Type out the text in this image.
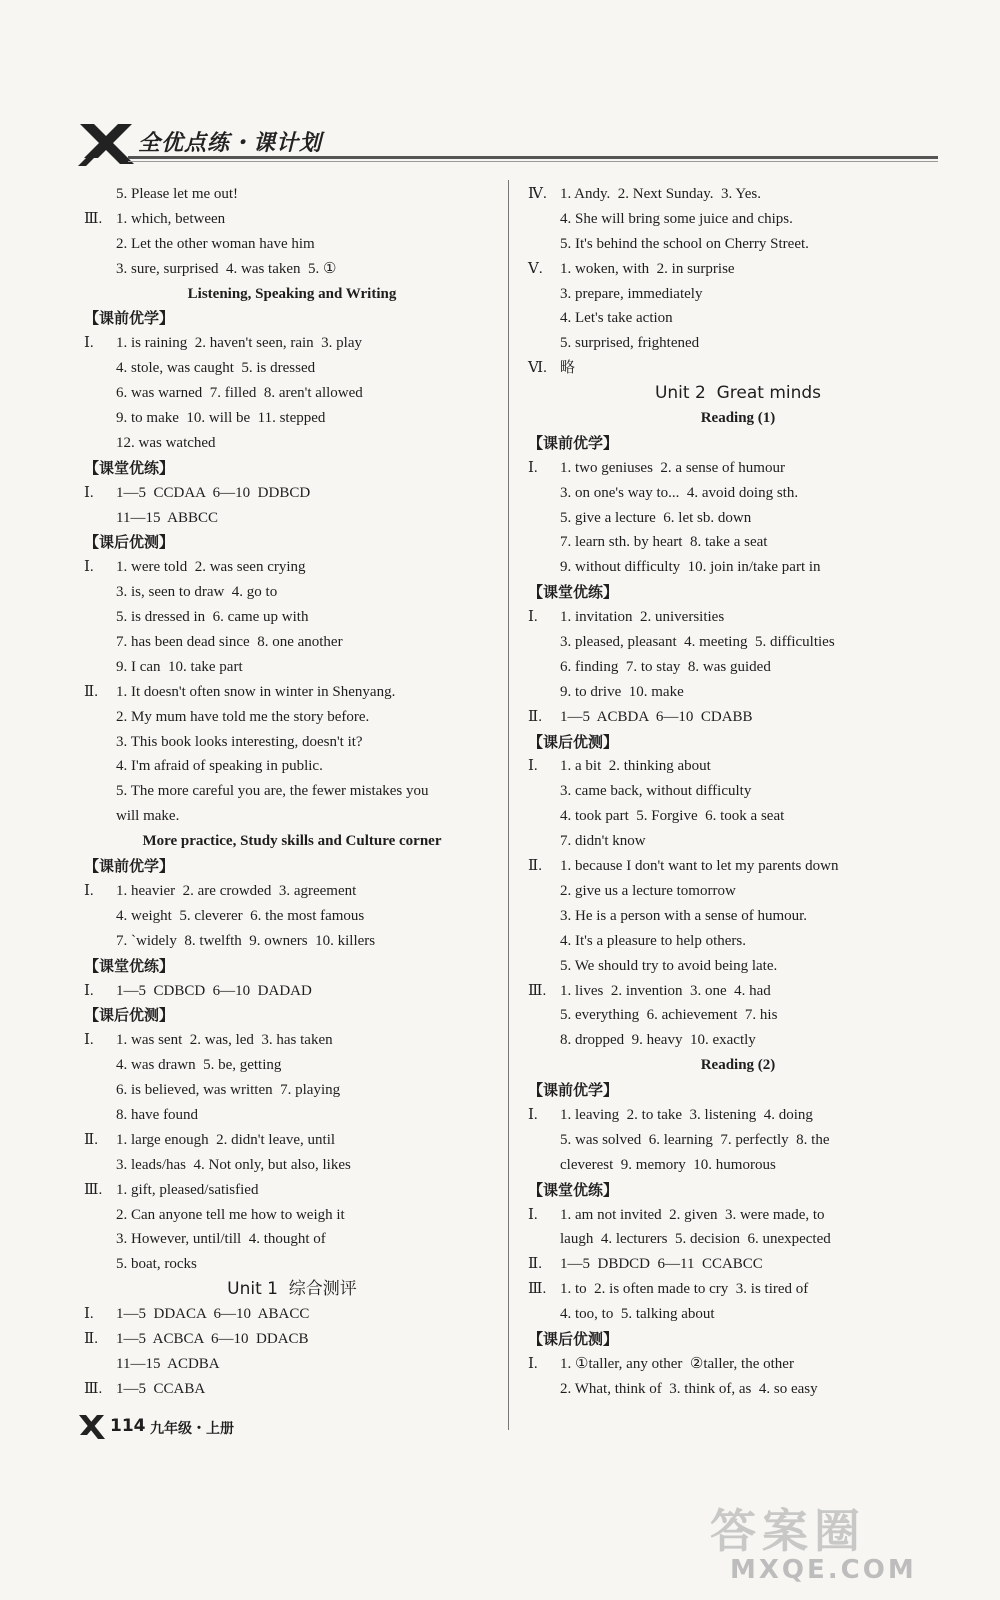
全优点练・课计划
5. Please let me out!
Ⅲ. 1. which, between
2. Let the other woman have him
3. sure, surprised  4. was taken  5. ①
Listening, Speaking and Writing
【课前优学】
Ⅰ.	1. is raining  2. haven't seen, rain  3. play
4. stole, was caught  5. is dressed
6. was warned  7. filled  8. aren't allowed
9. to make  10. will be  11. stepped
12. was watched
【课堂优练】
Ⅰ.	1—5  CCDAA  6—10  DDBCD
11—15  ABBCC
【课后优测】
Ⅰ.	1. were told  2. was seen crying
3. is, seen to draw  4. go to
5. is dressed in  6. came up with
7. has been dead since  8. one another
9. I can  10. take part
Ⅱ.	1. It doesn't often snow in winter in Shenyang.
2. My mum have told me the story before.
3. This book looks interesting, doesn't it?
4. I'm afraid of speaking in public.
5. The more careful you are, the fewer mistakes you
will make.
More practice, Study skills and Culture corner
【课前优学】
Ⅰ.	1. heavier  2. are crowded  3. agreement
4. weight  5. cleverer  6. the most famous
7. `widely  8. twelfth  9. owners  10. killers
【课堂优练】
Ⅰ.	1—5  CDBCD  6—10  DADAD
【课后优测】
Ⅰ.	1. was sent  2. was, led  3. has taken
4. was drawn  5. be, getting
6. is believed, was written  7. playing
8. have found
Ⅱ.	1. large enough  2. didn't leave, until
3. leads/has  4. Not only, but also, likes
Ⅲ. 1. gift, pleased/satisfied
2. Can anyone tell me how to weigh it
3. However, until/till  4. thought of
5. boat, rocks
Unit 1  综合测评
Ⅰ.	1—5  DDACA  6—10  ABACC
Ⅱ.	1—5  ACBCA  6—10  DDACB
11—15  ACDBA
Ⅲ. 1—5  CCABA
Ⅳ. 1. Andy.  2. Next Sunday.  3. Yes.
4. She will bring some juice and chips.
5. It's behind the school on Cherry Street.
Ⅴ.	1. woken, with  2. in surprise
3. prepare, immediately
4. Let's take action
5. surprised, frightened
Ⅵ. 略
Unit 2  Great minds
Reading (1)
【课前优学】
Ⅰ.	1. two geniuses  2. a sense of humour
3. on one's way to...  4. avoid doing sth.
5. give a lecture  6. let sb. down
7. learn sth. by heart  8. take a seat
9. without difficulty  10. join in/take part in
【课堂优练】
Ⅰ.	1. invitation  2. universities
3. pleased, pleasant  4. meeting  5. difficulties
6. finding  7. to stay  8. was guided
9. to drive  10. make
Ⅱ.	1—5  ACBDA  6—10  CDABB
【课后优测】
Ⅰ.	1. a bit  2. thinking about
3. came back, without difficulty
4. took part  5. Forgive  6. took a seat
7. didn't know
Ⅱ.	1. because I don't want to let my parents down
2. give us a lecture tomorrow
3. He is a person with a sense of humour.
4. It's a pleasure to help others.
5. We should try to avoid being late.
Ⅲ. 1. lives  2. invention  3. one  4. had
5. everything  6. achievement  7. his
8. dropped  9. heavy  10. exactly
Reading (2)
【课前优学】
Ⅰ.	1. leaving  2. to take  3. listening  4. doing
5. was solved  6. learning  7. perfectly  8. the
cleverest  9. memory  10. humorous
【课堂优练】
Ⅰ.	1. am not invited  2. given  3. were made, to
laugh  4. lecturers  5. decision  6. unexpected
Ⅱ.	1—5  DBDCD  6—11  CCABCC
Ⅲ. 1. to  2. is often made to cry  3. is tired of
4. too, to  5. talking about
【课后优测】
Ⅰ.	1. ①taller, any other  ②taller, the other
2. What, think of  3. think of, as  4. so easy
114 九年级・上册
答案圈
MXQE.COM
